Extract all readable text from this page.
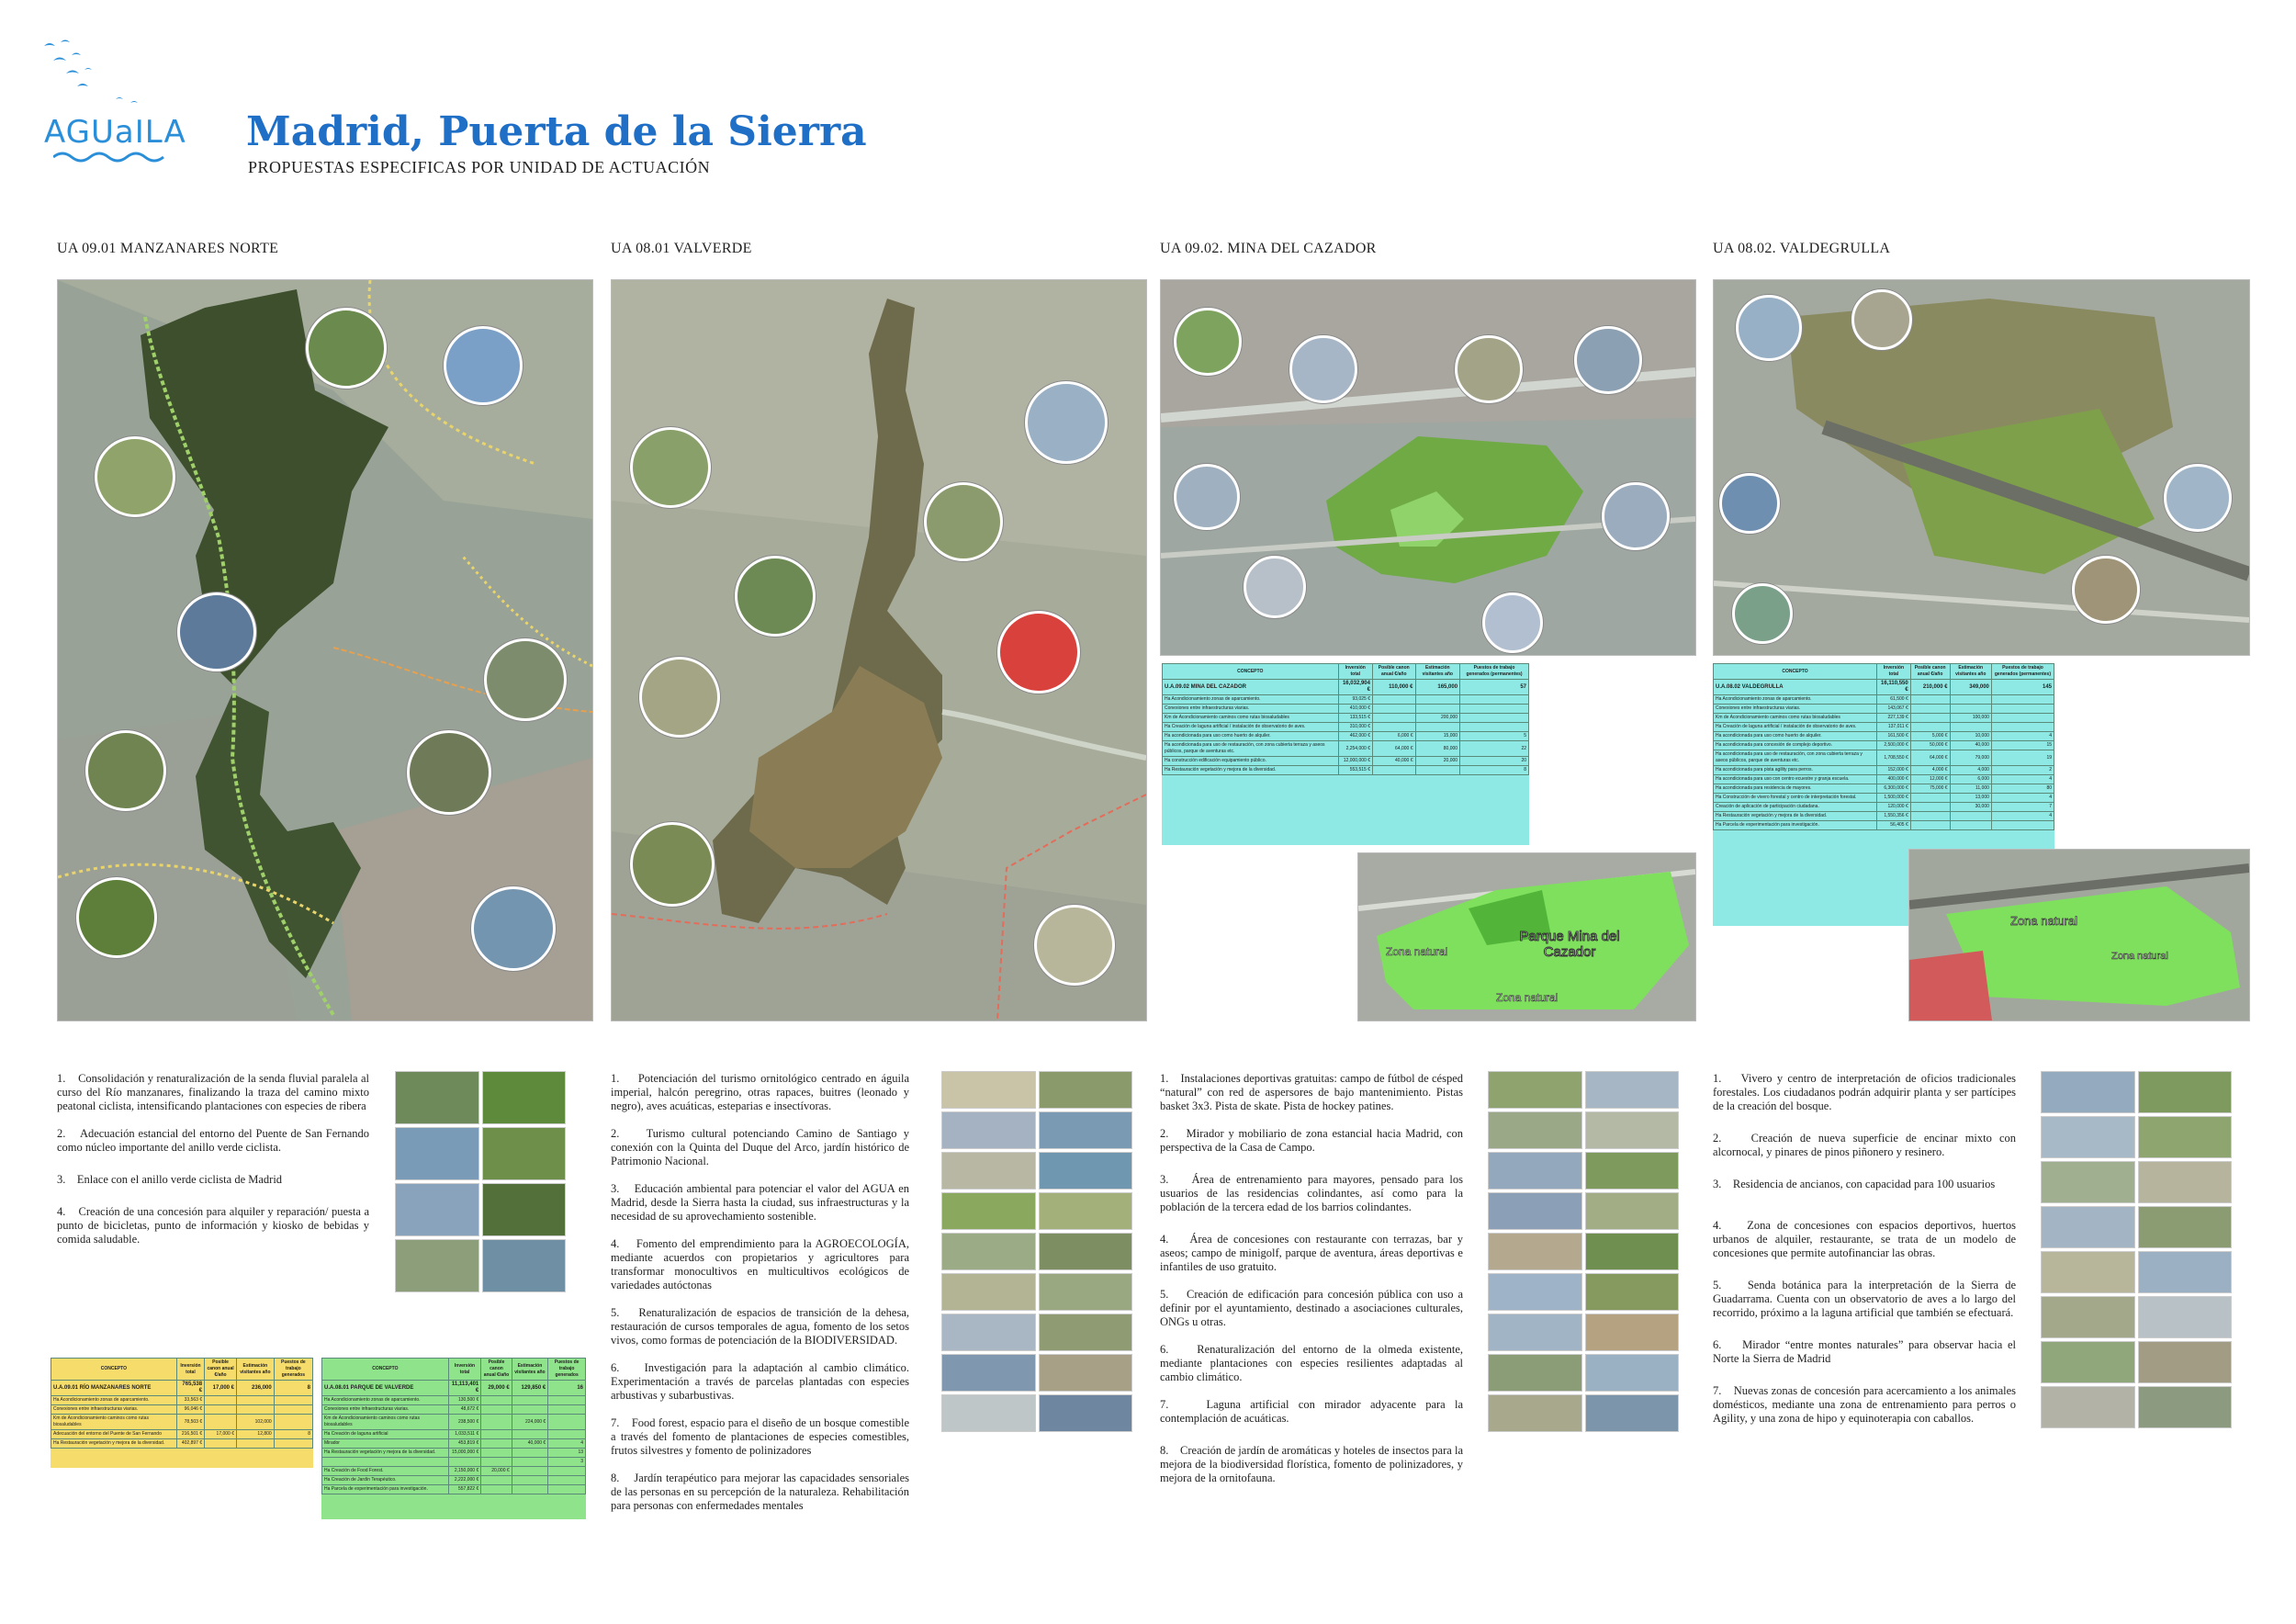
AGUaILA Madrid, Puerta de la Sierra
PROPUESTAS ESPECIFICAS POR UNIDAD DE ACTUACIÓN
UA 09.01 MANZANARES NORTE	UA 08.01 VALVERDE	UA 09.02. MINA DEL CAZADOR	UA 08.02. VALDEGRULLA
CONCEPTO	Inversión total	Posible canon anual €/año	Estimación visitantes año	Puestos de trabajo generados (permanentes)
U.A.09.02 MINA DEL CAZADOR	16,032,904 €	110,000 €	165,000	57
Ha Acondicionamiento zonas de aparcamiento.	93,025 €			
Conexiones entre infraestructuras viarias.	410,000 €			
Km de Acondicionamiento caminos como rutas biosaludables	133,515 €		200,000	
Ha Creación de laguna artificial / instalación de observatorio de aves.	310,000 €			
Ha acondicionada para uso como huerto de alquiler.	462,000 €	6,000 €	15,000	5
Ha acondicionada para uso de restauración, con zona cubierta terraza y aseos públicos, parque de aventuras etc.	2,254,000 €	64,000 €	80,000	22
Ha construcción edificación equipamiento público.	12,000,000 €	40,000 €	20,000	20
Ha Restauración vegetación y mejora de la diversidad.	553,515 €			8
Parque Mina del Cazador
Zona natural
Zona natural
CONCEPTO	Inversión total	Posible canon anual €/año	Estimación visitantes año	Puestos de trabajo generados (permanentes)
U.A.08.02 VALDEGRULLA	16,110,550 €	210,000 €	349,000	145
Ha Acondicionamiento zonas de aparcamiento.	61,500 €			
Conexiones entre infraestructuras viarias.	143,067 €			
Km de Acondicionamiento caminos como rutas biosaludables	227,139 €		100,000	
Ha Creación de laguna artificial / instalación de observatorio de aves.	137,011 €			
Ha acondicionada para uso como huerto de alquiler.	161,500 €	5,000 €	10,000	4
Ha acondicionada para concesión de complejo deportivo.	2,500,000 €	50,000 €	40,000	15
Ha acondicionada para uso de restauración, con zona cubierta terraza y aseos públicos, parque de aventuras etc.	1,708,550 €	64,000 €	79,000	19
Ha acondicionada para pista agility para perros.	152,000 €	4,000 €	4,000	2
Ha acondicionada para uso con centro ecuestre y granja escuela.	400,000 €	12,000 €	6,000	4
Ha acondicionada para residencia de mayores.	6,300,000 €	75,000 €	11,000	80
Ha Construcción de vivero forestal y centro de interpretación forestal.	1,500,000 €		13,000	4
Creación de aplicación de participación ciudadana.	120,000 €		30,000	7
Ha Restauración vegetación y mejora de la diversidad.	1,550,356 €			4
Ha Parcela de experimentación para investigación.	56,405 €			
Zona natural
Zona natural

1.    Consolidación y renaturalización de la senda fluvial paralela al curso del Río manzanares, finalizando la traza del camino mixto peatonal ciclista, intensificando plantaciones con especies de ribera

2.    Adecuación estancial del entorno del Puente de San Fernando como núcleo importante del anillo verde ciclista.

3.    Enlace con el anillo verde ciclista de Madrid

4.    Creación de una concesión para alquiler y reparación/ puesta a punto de bicicletas, punto de información y kiosko de bebidas y comida saludable.

1.    Potenciación del turismo ornitológico centrado en águila imperial, halcón peregrino, otras rapaces, buitres (leonado y negro), aves acuáticas, esteparias e insectívoras.

2.    Turismo cultural potenciando Camino de Santiago y conexión con la Quinta del Duque del Arco, jardín histórico de Patrimonio Nacional.

3.    Educación ambiental para potenciar el valor del AGUA en Madrid, desde la Sierra hasta la ciudad, sus infraestructuras y la necesidad de su aprovechamiento sostenible.

4.    Fomento del emprendimiento para la AGROECOLOGÍA, mediante acuerdos con propietarios y agricultores para transformar monocultivos en multicultivos ecológicos de variedades autóctonas

5.    Renaturalización de espacios de transición de la dehesa, restauración de cursos temporales de agua, fomento de los setos vivos, como formas de potenciación de la BIODIVERSIDAD.

6.    Investigación para la adaptación al cambio climático. Experimentación a través de parcelas plantadas con especies arbustivas y subarbustivas.

7.    Food forest, espacio para el diseño de un bosque comestible a través del fomento de plantaciones de especies comestibles, frutos silvestres y fomento de polinizadores

8.    Jardín terapéutico para mejorar las capacidades sensoriales de las personas en su percepción de la naturaleza. Rehabilitación para personas con enfermedades mentales

1.    Instalaciones deportivas gratuitas: campo de fútbol de césped “natural” con red de aspersores de bajo mantenimiento. Pistas basket 3x3. Pista de skate. Pista de hockey patines.

2.    Mirador y mobiliario de zona estancial hacia Madrid, con perspectiva de la Casa de Campo.

3.    Área de entrenamiento para mayores, pensado para los usuarios de las residencias colindantes, así como para la población de la tercera edad de los barrios colindantes.

4.    Área de concesiones con restaurante con terrazas, bar y aseos; campo de minigolf, parque de aventura, áreas deportivas e infantiles de uso gratuito.

5.    Creación de edificación para concesión pública con uso a definir por el ayuntamiento, destinado a asociaciones culturales, ONGs u otras.

6.    Renaturalización del entorno de la olmeda existente, mediante plantaciones con especies resilientes adaptadas al cambio climático.

7.    Laguna artificial con mirador adyacente para la contemplación de acuáticas.

8.    Creación de jardín de aromáticas y hoteles de insectos para la mejora de la biodiversidad florística, fomento de polinizadores, y mejora de la ornitofauna.

1.    Vivero y centro de interpretación de oficios tradicionales forestales. Los ciudadanos podrán adquirir planta y ser partícipes de la creación del bosque.

2.    Creación de nueva superficie de encinar mixto con alcornocal, y pinares de pinos piñonero y resinero.

3.    Residencia de ancianos, con capacidad para 100 usuarios

4.    Zona de concesiones con espacios deportivos, huertos urbanos de alquiler, restaurante, se trata de un modelo de concesiones que permite autofinanciar las obras.

5.    Senda botánica para la interpretación de la Sierra de Guadarrama. Cuenta con un observatorio de aves a lo largo del recorrido, próximo a la laguna artificial que también se efectuará.

6.    Mirador “entre montes naturales” para observar hacia el Norte la Sierra de Madrid

7.    Nuevas zonas de concesión para acercamiento a los animales domésticos, mediante una zona de entrenamiento para perros o Agility, y una zona de hipo y equinoterapia con caballos.

CONCEPTO	Inversión total	Posible canon anual €/año	Estimación visitantes año	Puestos de trabajo generados
U.A.09.01 RÍO MANZANARES NORTE	765,538 €	17,000 €	236,000	8
Ha Acondicionamiento zonas de aparcamiento.	33,563 €			
Conexiones entre infraestructuras viarias.	96,046 €			
Km de Acondicionamiento caminos como rutas biosaludables	78,503 €		102,000	
Adecuación del entorno del Puente de San Fernando	216,501 €	17,000 €	12,800	8
Ha Restauración vegetación y mejora de la diversidad.	402,897 €			
CONCEPTO	Inversión total	Posible canon anual €/año	Estimación visitantes año	Puestos de trabajo generados
U.A.08.01 PARQUE DE VALVERDE	11,113,401 €	29,000 €	129,850 €	16
Ha Acondicionamiento zonas de aparcamiento.	130,500 €			
Conexiones entre infraestructuras viarias.	48,672 €			
Km de Acondicionamiento caminos como rutas biosaludables	238,500 €		224,000 €	
Ha Creación de laguna artificial	1,033,511 €			
Mirador	453,819 €		40,000 €	4
Ha Restauración vegetación y mejora de la diversidad.	15,000,000 €			13
				3
Ha Creación de Food Forest.	2,150,000 €	20,000 €		
Ha Creación de Jardín Terapéutico.	2,222,000 €			
Ha Parcela de experimentación para investigación.	557,822 €			
